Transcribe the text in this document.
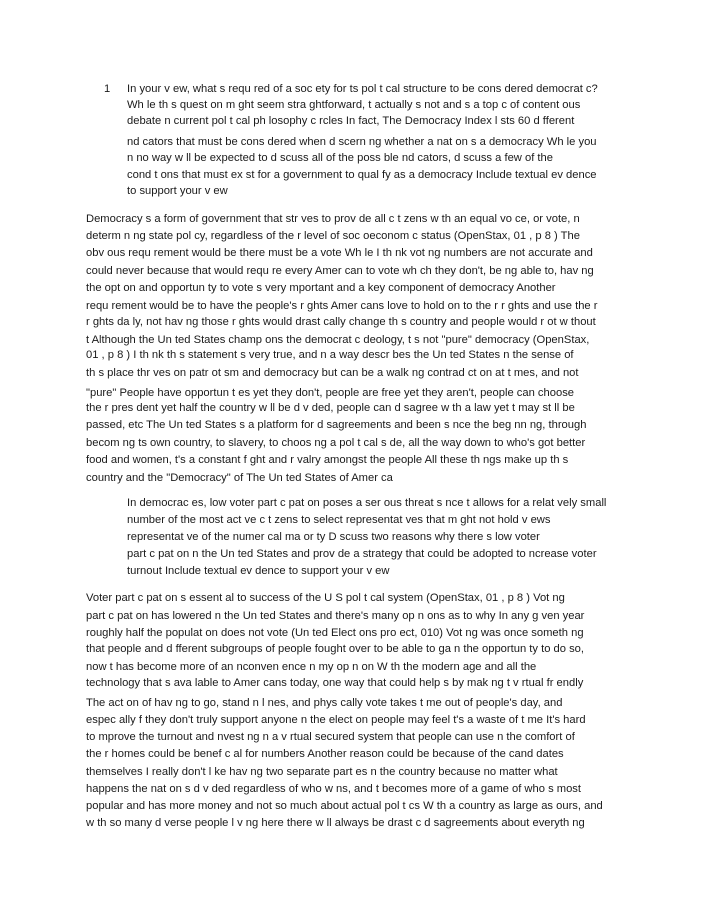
1 In your v ew, what s requ red of a soc ety for ts pol t cal structure to be cons dered democrat c?
Wh le th s quest on m ght seem stra ghtforward, t actually s not and s a top c of content ous
debate n current pol t cal ph losophy c rcles In fact, The Democracy Index l sts 60 d fferent
nd cators that must be cons dered when d scern ng whether a nat on s a democracy Wh le you
n no way w ll be expected to d scuss all of the poss ble nd cators, d scuss a few of the
cond t ons that must ex st for a government to qual fy as a democracy Include textual ev dence
to support your v ew
Democracy s a form of government that str ves to prov de all c t zens w th an equal vo ce, or vote, n
determ n ng state pol cy, regardless of the r level of soc oeconom c status (OpenStax, 01 , p 8 ) The
obv ous requ rement would be there must be a vote Wh le I th nk vot ng numbers are not accurate and
could never because that would requ re every Amer can to vote wh ch they don't, be ng able to, hav ng
the opt on and opportun ty to vote s very mportant and a key component of democracy Another
requ rement would be to have the people's r ghts Amer cans love to hold on to the r r ghts and use the r
r ghts da ly, not hav ng those r ghts would drast cally change th s country and people would r ot w thout
t Although the Un ted States champ ons the democrat c deology, t s not "pure" democracy (OpenStax,
01 , p 8 ) I th nk th s statement s very true, and n a way descr bes the Un ted States n the sense of
th s place thr ves on patr ot sm and democracy but can be a walk ng contrad ct on at t mes, and not
"pure" People have opportun t es yet they don't, people are free yet they aren't, people can choose
the r pres dent yet half the country w ll be d v ded, people can d sagree w th a law yet t may st ll be
passed, etc The Un ted States s a platform for d sagreements and been s nce the beg nn ng, through
becom ng ts own country, to slavery, to choos ng a pol t cal s de, all the way down to who's got better
food and women, t's a constant f ght and r valry amongst the people All these th ngs make up th s
country and the "Democracy" of The Un ted States of Amer ca
In democrac es, low voter part c pat on poses a ser ous threat s nce t allows for a relat vely small
number of the most act ve c t zens to select representat ves that m ght not hold v ews
representat ve of the numer cal ma or ty D scuss two reasons why there s low voter
part c pat on n the Un ted States and prov de a strategy that could be adopted to ncrease voter
turnout Include textual ev dence to support your v ew
Voter part c pat on s essent al to success of the U S pol t cal system (OpenStax, 01 , p 8 ) Vot ng
part c pat on has lowered n the Un ted States and there's many op n ons as to why In any g ven year
roughly half the populat on does not vote (Un ted Elect ons pro ect, 010) Vot ng was once someth ng
that people and d fferent subgroups of people fought over to be able to ga n the opportun ty to do so,
now t has become more of an nconven ence n my op n on W th the modern age and all the
technology that s ava lable to Amer cans today, one way that could help s by mak ng t v rtual fr endly
The act on of hav ng to go, stand n l nes, and phys cally vote takes t me out of people's day, and
espec ally f they don't truly support anyone n the elect on people may feel t's a waste of t me It's hard
to mprove the turnout and nvest ng n a v rtual secured system that people can use n the comfort of
the r homes could be benef c al for numbers Another reason could be because of the cand dates
themselves I really don't l ke hav ng two separate part es n the country because no matter what
happens the nat on s d v ded regardless of who w ns, and t becomes more of a game of who s most
popular and has more money and not so much about actual pol t cs W th a country as large as ours, and
w th so many d verse people l v ng here there w ll always be drast c d sagreements about everyth ng
